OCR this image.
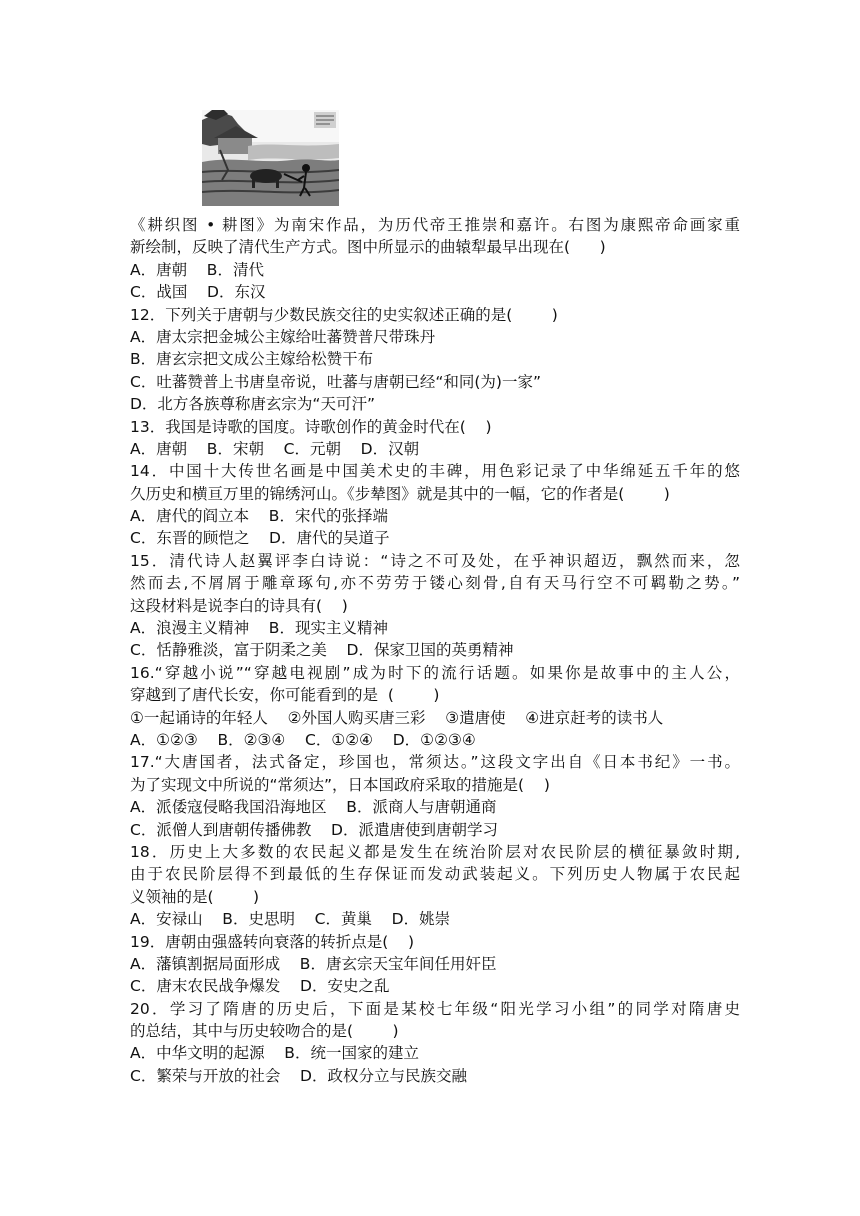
《耕织图 • 耕图》为南宋作品，为历代帝王推崇和嘉许。右图为康熙帝命画家重
新绘制，反映了清代生产方式。图中所显示的曲辕犁最早出现在(      )
A．唐朝    B．清代
C．战国    D．东汉
12．下列关于唐朝与少数民族交往的史实叙述正确的是(        )
A．唐太宗把金城公主嫁给吐蕃赞普尺带珠丹
B．唐玄宗把文成公主嫁给松赞干布
C．吐蕃赞普上书唐皇帝说，吐蕃与唐朝已经“和同(为)一家”
D．北方各族尊称唐玄宗为“天可汗”
13．我国是诗歌的国度。诗歌创作的黄金时代在(    )
A．唐朝    B．宋朝    C．元朝    D．汉朝
14．中国十大传世名画是中国美术史的丰碑，用色彩记录了中华绵延五千年的悠
久历史和横亘万里的锦绣河山。《步辇图》就是其中的一幅，它的作者是(        )
A．唐代的阎立本    B．宋代的张择端
C．东晋的顾恺之    D．唐代的吴道子
15．清代诗人赵翼评李白诗说：“诗之不可及处，在乎神识超迈，飘然而来，忽
然而去,不屑屑于雕章琢句,亦不劳劳于镂心刻骨,自有天马行空不可羁勒之势。”
这段材料是说李白的诗具有(    )
A．浪漫主义精神    B．现实主义精神
C．恬静雅淡，富于阴柔之美    D．保家卫国的英勇精神
16.“穿越小说”“穿越电视剧”成为时下的流行话题。如果你是故事中的主人公，
穿越到了唐代长安，你可能看到的是  (        )
①一起诵诗的年轻人    ②外国人购买唐三彩    ③遣唐使    ④进京赶考的读书人
A．①②③    B．②③④    C．①②④    D．①②③④
17.“大唐国者，法式备定，珍国也，常须达。”这段文字出自《日本书纪》一书。
为了实现文中所说的“常须达”，日本国政府采取的措施是(    )
A．派倭寇侵略我国沿海地区    B．派商人与唐朝通商
C．派僧人到唐朝传播佛教    D．派遣唐使到唐朝学习
18．历史上大多数的农民起义都是发生在统治阶层对农民阶层的横征暴敛时期,
由于农民阶层得不到最低的生存保证而发动武装起义。下列历史人物属于农民起
义领袖的是(        )
A．安禄山    B．史思明    C．黄巢    D．姚崇
19．唐朝由强盛转向衰落的转折点是(    )
A．藩镇割据局面形成    B．唐玄宗天宝年间任用奸臣
C．唐末农民战争爆发    D．安史之乱
20．学习了隋唐的历史后，下面是某校七年级“阳光学习小组”的同学对隋唐史
的总结，其中与历史较吻合的是(        )
A．中华文明的起源    B．统一国家的建立
C．繁荣与开放的社会    D．政权分立与民族交融
